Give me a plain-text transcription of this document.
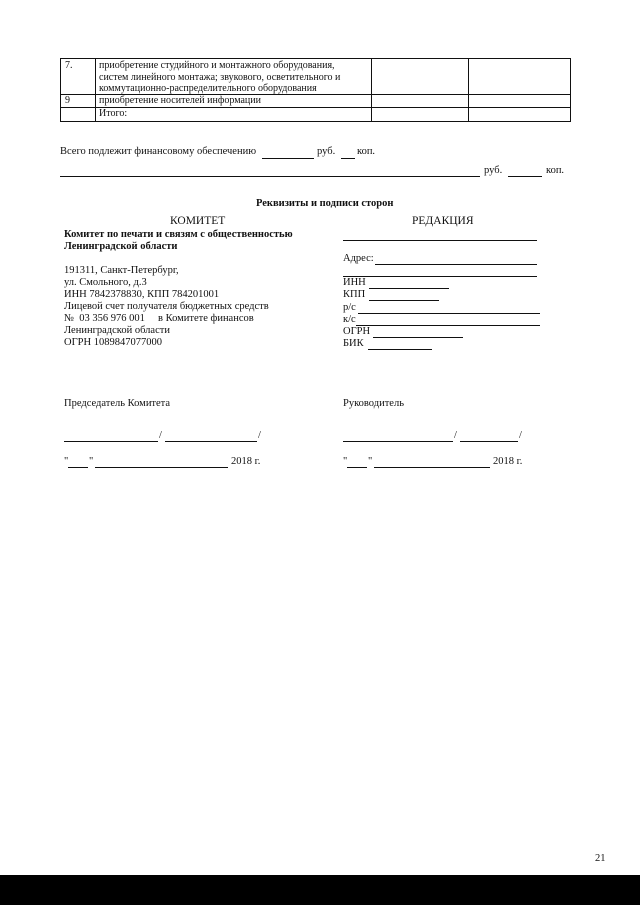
7.	приобретение студийного и монтажного оборудования,
систем линейного монтажа; звукового, осветительного и
коммутационно-распределительного оборудования
9	приобретение носителей информации
Итого:
Всего подлежит финансовому обеспечению	руб. коп.
руб.	коп.
Реквизиты и подписи сторон
КОМИТЕТ
Комитет по печати и связям с общественностью
Ленинградской области
191311, Санкт-Петербург,
ул. Смольного, д.3
ИНН 7842378830, КПП 784201001
Лицевой счет получателя бюджетных средств
№  03 356 976 001     в Комитете финансов
Ленинградской области
ОГРН 1089847077000
Председатель Комитета
/	/
" "	2018 г.
РЕДАКЦИЯ
Адрес:
ИНН
КПП
р/с
к/с
ОГРН
БИК
Руководитель
/	/
" "	2018 г.
21
